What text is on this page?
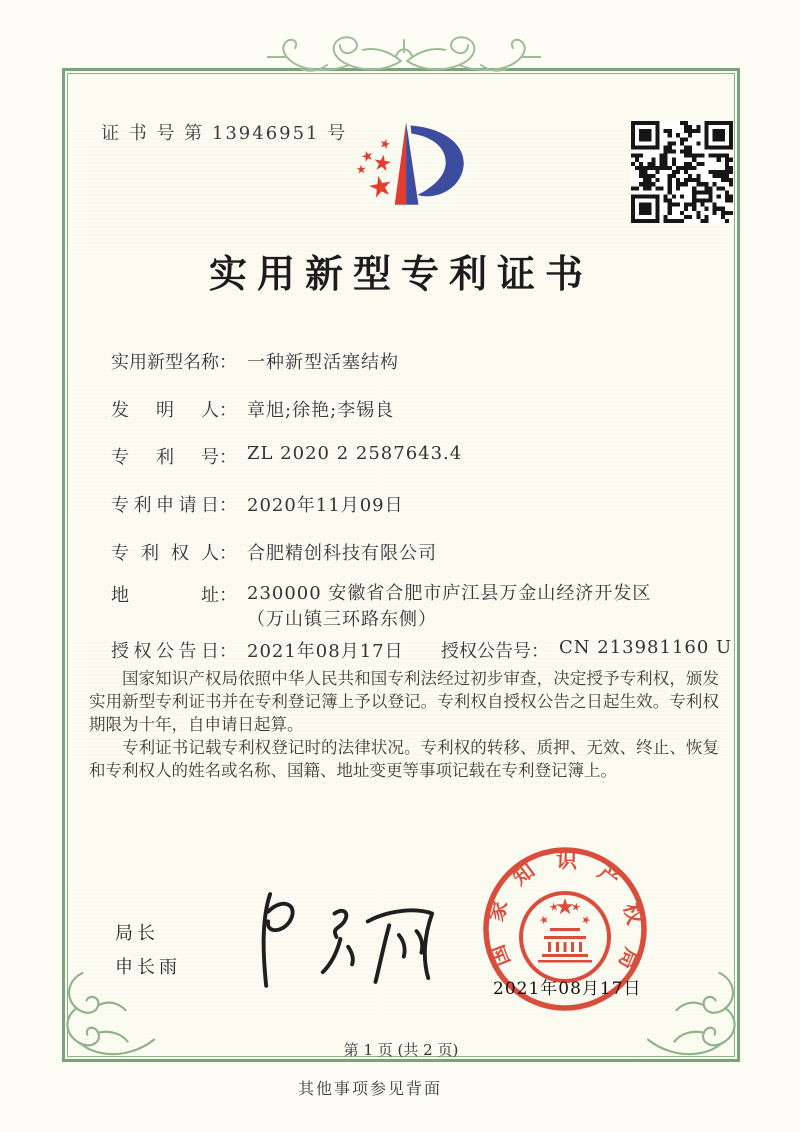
证 书 号 第 13946951 号
实用新型专利证书
实用新型名称： 一种新型活塞结构
发明人： 章旭;徐艳;李锡良
专利号： ZL 2020 2 2587643.4
专利申请日： 2020年11月09日
专利权人： 合肥精创科技有限公司
地址： 230000 安徽省合肥市庐江县万金山经济开发区（万山镇三环路东侧）
授权公告日： 2021年08月17日 授权公告号： CN 213981160 U

国家知识产权局依照中华人民共和国专利法经过初步审查，决定授予专利权，颁发实用新型专利证书并在专利登记簿上予以登记。专利权自授权公告之日起生效。专利权期限为十年，自申请日起算。

专利证书记载专利权登记时的法律状况。专利权的转移、质押、无效、终止、恢复和专利权人的姓名或名称、国籍、地址变更等事项记载在专利登记簿上。

局长
申长雨	国家知识产权局
2021年08月17日
第 1 页 (共 2 页)
其他事项参见背面
